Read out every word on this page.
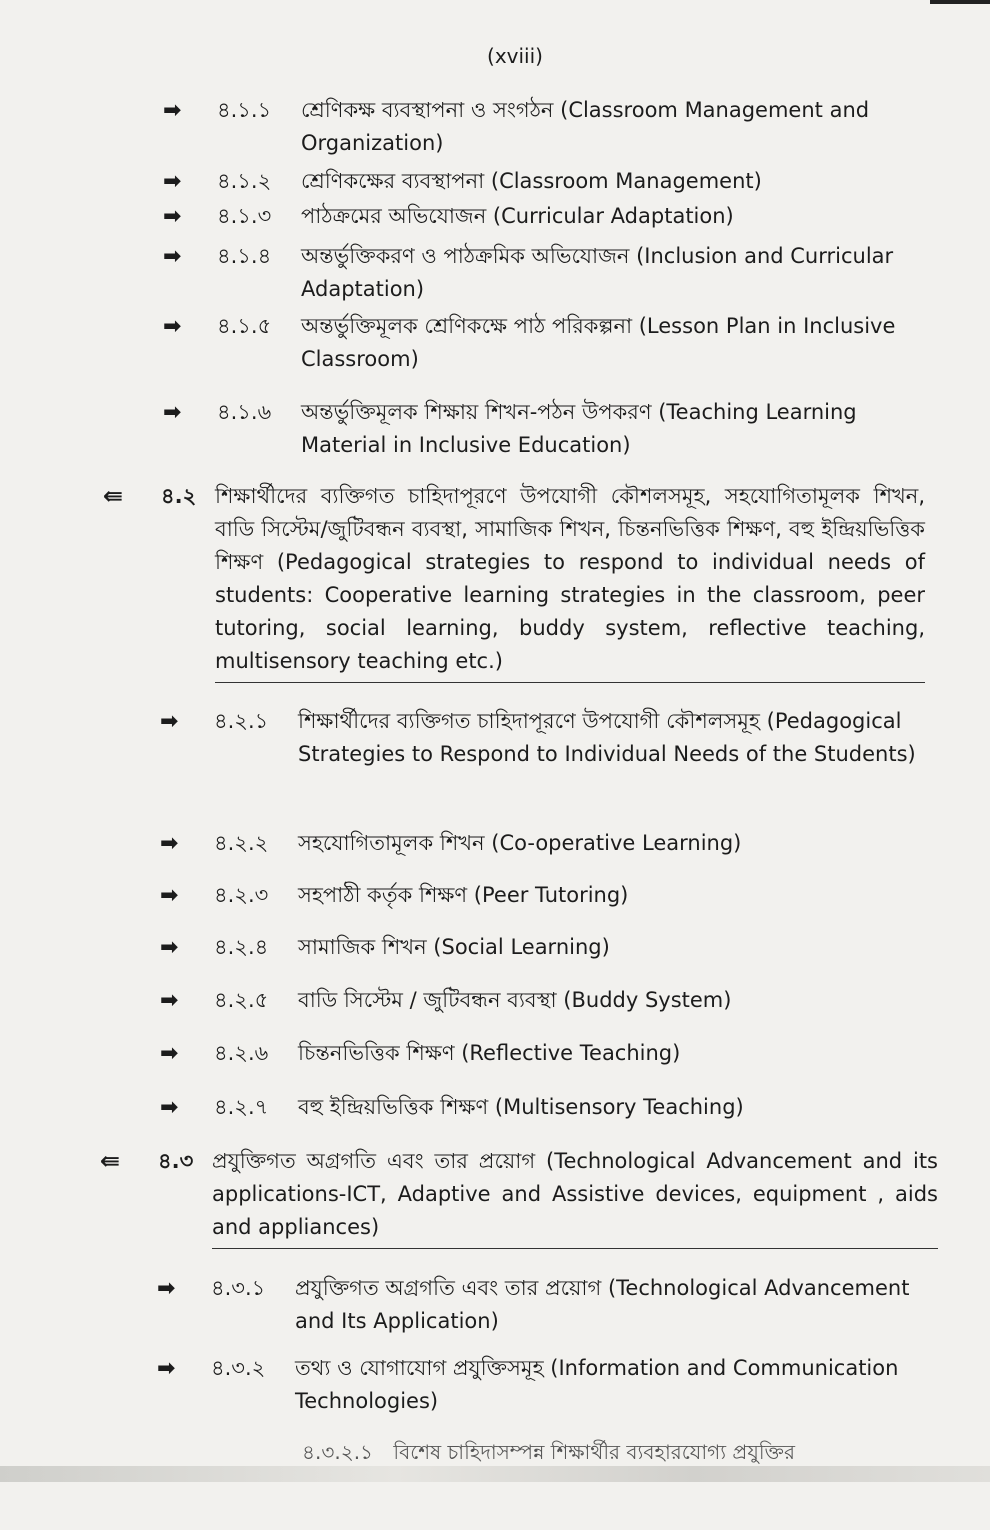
(xviii)
➡ ৪.১.১ শ্রেণিকক্ষ ব্যবস্থাপনা ও সংগঠন (Classroom Management and Organization)
➡ ৪.১.২ শ্রেণিকক্ষের ব্যবস্থাপনা (Classroom Management)
➡ ৪.১.৩ পাঠক্রমের অভিযোজন (Curricular Adaptation)
➡ ৪.১.৪ অন্তর্ভুক্তিকরণ ও পাঠক্রমিক অভিযোজন (Inclusion and Curricular Adaptation)
➡ ৪.১.৫ অন্তর্ভুক্তিমূলক শ্রেণিকক্ষে পাঠ পরিকল্পনা (Lesson Plan in Inclusive Classroom)
➡ ৪.১.৬ অন্তর্ভুক্তিমূলক শিক্ষায় শিখন-পঠন উপকরণ (Teaching Learning Material in Inclusive Education)
⇚ ৪.২ শিক্ষার্থীদের ব্যক্তিগত চাহিদাপূরণে উপযোগী কৌশলসমূহ, সহযোগিতামূলক শিখন, বাডি সিস্টেম/জুটিবন্ধন ব্যবস্থা, সামাজিক শিখন, চিন্তনভিত্তিক শিক্ষণ, বহু ইন্দ্রিয়ভিত্তিক শিক্ষণ (Pedagogical strategies to respond to individual needs of students: Cooperative learning strategies in the classroom, peer tutoring, social learning, buddy system, reflective teaching, multisensory teaching etc.)
➡ ৪.২.১ শিক্ষার্থীদের ব্যক্তিগত চাহিদাপূরণে উপযোগী কৌশলসমূহ (Pedagogical Strategies to Respond to Individual Needs of the Students)
➡ ৪.২.২ সহযোগিতামূলক শিখন (Co-operative Learning)
➡ ৪.২.৩ সহপাঠী কর্তৃক শিক্ষণ (Peer Tutoring)
➡ ৪.২.৪ সামাজিক শিখন (Social Learning)
➡ ৪.২.৫ বাডি সিস্টেম / জুটিবন্ধন ব্যবস্থা (Buddy System)
➡ ৪.২.৬ চিন্তনভিত্তিক শিক্ষণ (Reflective Teaching)
➡ ৪.২.৭ বহু ইন্দ্রিয়ভিত্তিক শিক্ষণ (Multisensory Teaching)
⇚ ৪.৩ প্রযুক্তিগত অগ্রগতি এবং তার প্রয়োগ (Technological Advancement and its applications-ICT, Adaptive and Assistive devices, equipment , aids and appliances)
➡ ৪.৩.১ প্রযুক্তিগত অগ্রগতি এবং তার প্রয়োগ (Technological Advancement and Its Application)
➡ ৪.৩.২ তথ্য ও যোগাযোগ প্রযুক্তিসমূহ (Information and Communication Technologies)
৪.৩.২.১ বিশেষ চাহিদাসম্পন্ন শিক্ষার্থীর ব্যবহারযোগ্য প্রযুক্তির
